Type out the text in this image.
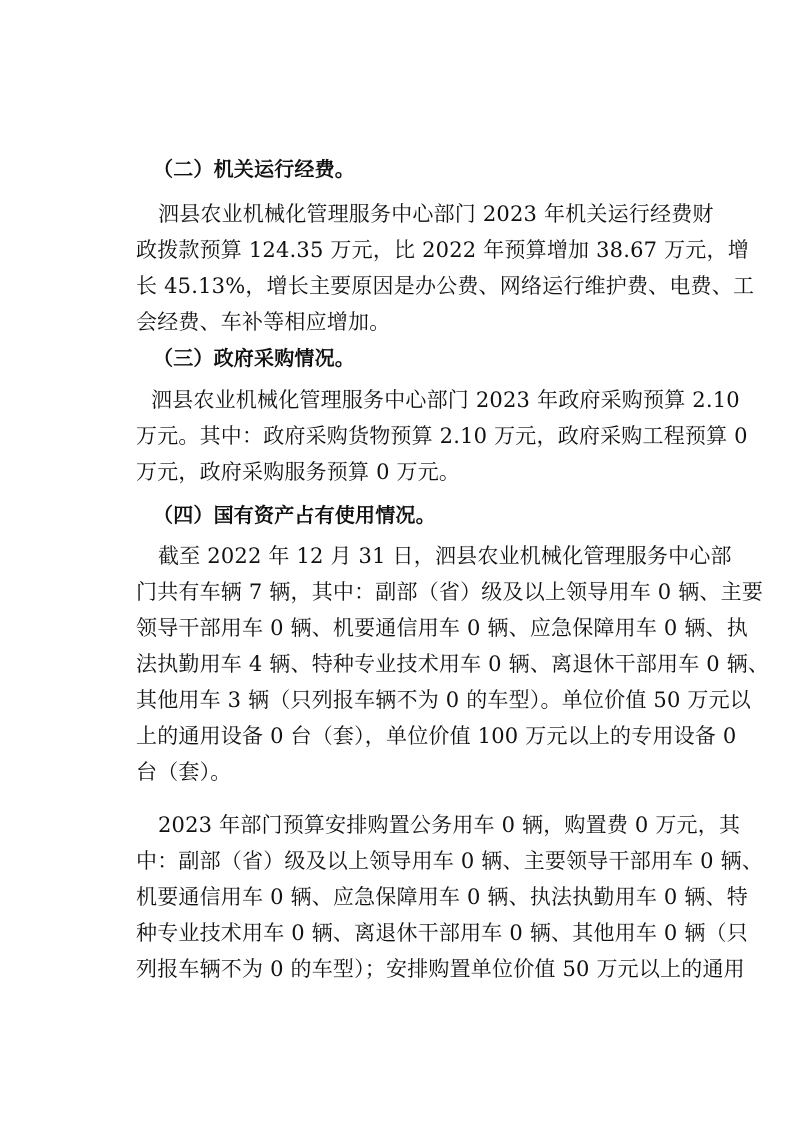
（二）机关运行经费。
泗县农业机械化管理服务中心部门 2023 年机关运行经费财
政拨款预算 124.35 万元，比 2022 年预算增加 38.67 万元，增
长 45.13%，增长主要原因是办公费、网络运行维护费、电费、工
会经费、车补等相应增加。
（三）政府采购情况。
泗县农业机械化管理服务中心部门 2023 年政府采购预算 2.10
万元。其中：政府采购货物预算 2.10 万元，政府采购工程预算 0
万元，政府采购服务预算 0 万元。
（四）国有资产占有使用情况。
截至 2022 年 12 月 31 日，泗县农业机械化管理服务中心部
门共有车辆 7 辆，其中：副部（省）级及以上领导用车 0 辆、主要
领导干部用车 0 辆、机要通信用车 0 辆、应急保障用车 0 辆、执
法执勤用车 4 辆、特种专业技术用车 0 辆、离退休干部用车 0 辆、
其他用车 3 辆（只列报车辆不为 0 的车型）。单位价值 50 万元以
上的通用设备 0 台（套），单位价值 100 万元以上的专用设备 0
台（套）。
2023 年部门预算安排购置公务用车 0 辆，购置费 0 万元，其
中：副部（省）级及以上领导用车 0 辆、主要领导干部用车 0 辆、
机要通信用车 0 辆、应急保障用车 0 辆、执法执勤用车 0 辆、特
种专业技术用车 0 辆、离退休干部用车 0 辆、其他用车 0 辆（只
列报车辆不为 0 的车型）；安排购置单位价值 50 万元以上的通用
